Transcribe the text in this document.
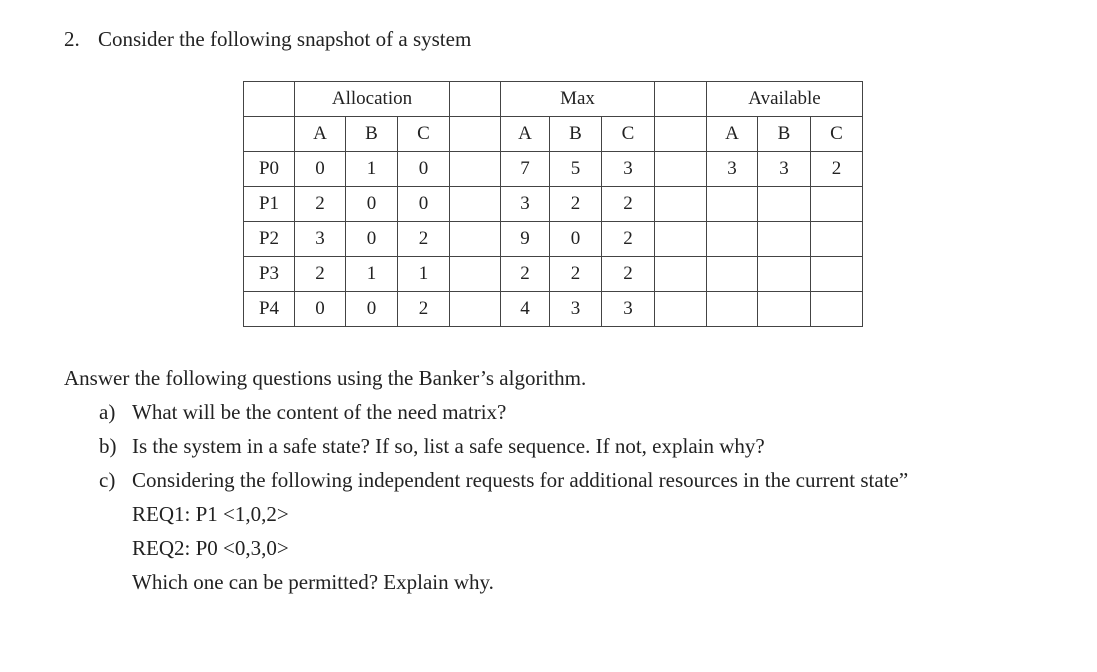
2. Consider the following snapshot of a system
	Allocation				Max				Available		
	A	B	C		A	B	C		A	B	C
P0	0	1	0		7	5	3		3	3	2
P1	2	0	0		3	2	2				
P2	3	0	2		9	0	2				
P3	2	1	1		2	2	2				
P4	0	0	2		4	3	3				
Answer the following questions using the Banker’s algorithm.
a) What will be the content of the need matrix?
b) Is the system in a safe state? If so, list a safe sequence. If not, explain why?
c) Considering the following independent requests for additional resources in the current state”
REQ1: P1 <1,0,2>
REQ2: P0 <0,3,0>
Which one can be permitted? Explain why.
